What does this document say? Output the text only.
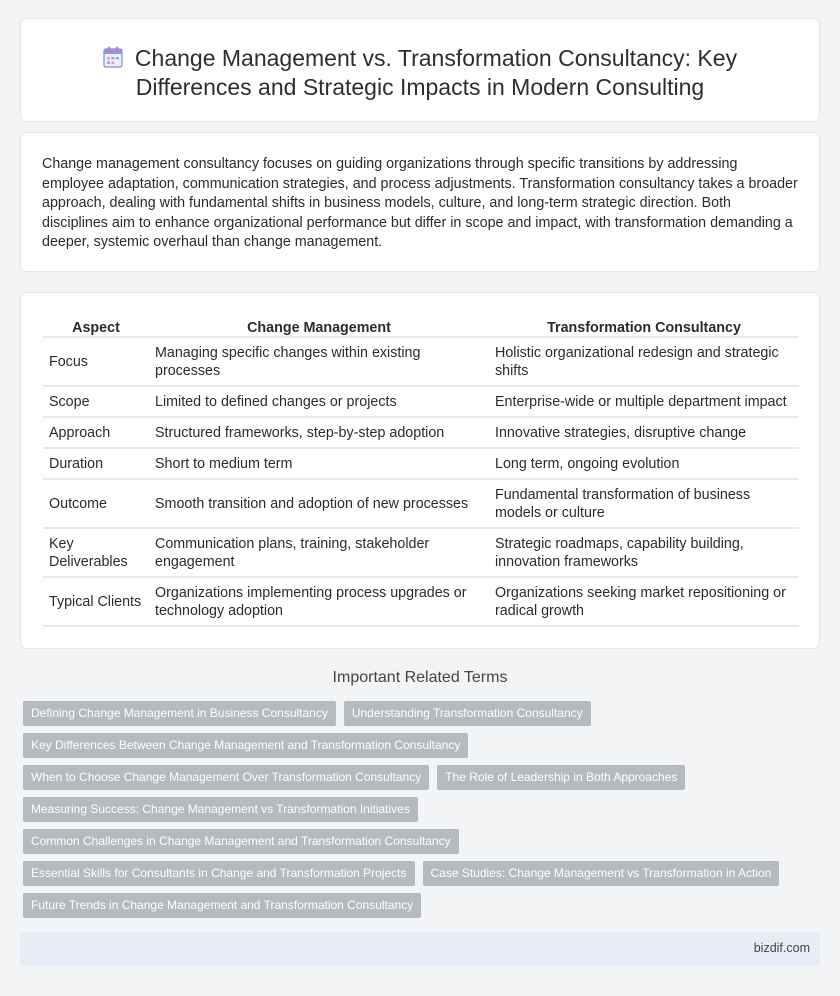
Change Management vs. Transformation Consultancy: Key Differences and Strategic Impacts in Modern Consulting

Change management consultancy focuses on guiding organizations through specific transitions by addressing employee adaptation, communication strategies, and process adjustments. Transformation consultancy takes a broader approach, dealing with fundamental shifts in business models, culture, and long-term strategic direction. Both disciplines aim to enhance organizational performance but differ in scope and impact, with transformation demanding a deeper, systemic overhaul than change management.

Aspect	Change Management	Transformation Consultancy
Focus	Managing specific changes within existing processes	Holistic organizational redesign and strategic shifts
Scope	Limited to defined changes or projects	Enterprise-wide or multiple department impact
Approach	Structured frameworks, step-by-step adoption	Innovative strategies, disruptive change
Duration	Short to medium term	Long term, ongoing evolution
Outcome	Smooth transition and adoption of new processes	Fundamental transformation of business models or culture
Key Deliverables	Communication plans, training, stakeholder engagement	Strategic roadmaps, capability building, innovation frameworks
Typical Clients	Organizations implementing process upgrades or technology adoption	Organizations seeking market repositioning or radical growth
Important Related Terms
Defining Change Management in Business Consultancy Understanding Transformation Consultancy
Key Differences Between Change Management and Transformation Consultancy
When to Choose Change Management Over Transformation Consultancy The Role of Leadership in Both Approaches
Measuring Success: Change Management vs Transformation Initiatives
Common Challenges in Change Management and Transformation Consultancy
Essential Skills for Consultants in Change and Transformation Projects Case Studies: Change Management vs Transformation in Action
Future Trends in Change Management and Transformation Consultancy
bizdif.com
